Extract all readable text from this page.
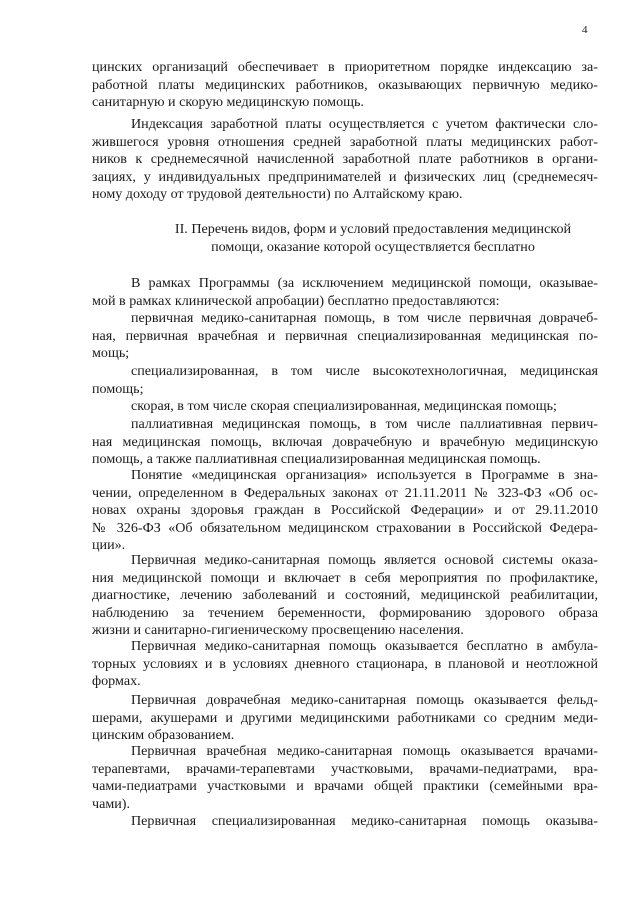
4

цинских организаций обеспечивает в приоритетном порядке индексацию за-
работной платы медицинских работников, оказывающих первичную медико-
санитарную и скорую медицинскую помощь.

Индексация заработной платы осуществляется с учетом фактически сло-
жившегося уровня отношения средней заработной платы медицинских работ-
ников к среднемесячной начисленной заработной плате работников в органи-
зациях, у индивидуальных предпринимателей и физических лиц (среднемесяч-
ному доходу от трудовой деятельности) по Алтайскому краю.

II. Перечень видов, форм и условий предоставления медицинской
помощи, оказание которой осуществляется бесплатно

В рамках Программы (за исключением медицинской помощи, оказывае-
мой в рамках клинической апробации) бесплатно предоставляются:

первичная медико-санитарная помощь, в том числе первичная доврачеб-
ная, первичная врачебная и первичная специализированная медицинская по-
мощь;

специализированная, в том числе высокотехнологичная, медицинская
помощь;

скорая, в том числе скорая специализированная, медицинская помощь;

паллиативная медицинская помощь, в том числе паллиативная первич-
ная медицинская помощь, включая доврачебную и врачебную медицинскую
помощь, а также паллиативная специализированная медицинская помощь.

Понятие «медицинская организация» используется в Программе в зна-
чении, определенном в Федеральных законах от 21.11.2011 № 323-ФЗ «Об ос-
новах охраны здоровья граждан в Российской Федерации» и от 29.11.2010
№ 326-ФЗ «Об обязательном медицинском страховании в Российской Федера-
ции».

Первичная медико-санитарная помощь является основой системы оказа-
ния медицинской помощи и включает в себя мероприятия по профилактике,
диагностике, лечению заболеваний и состояний, медицинской реабилитации,
наблюдению за течением беременности, формированию здорового образа
жизни и санитарно-гигиеническому просвещению населения.

Первичная медико-санитарная помощь оказывается бесплатно в амбула-
торных условиях и в условиях дневного стационара, в плановой и неотложной
формах.

Первичная доврачебная медико-санитарная помощь оказывается фельд-
шерами, акушерами и другими медицинскими работниками со средним меди-
цинским образованием.

Первичная врачебная медико-санитарная помощь оказывается врачами-
терапевтами, врачами-терапевтами участковыми, врачами-педиатрами, вра-
чами-педиатрами участковыми и врачами общей практики (семейными вра-
чами).

Первичная специализированная медико-санитарная помощь оказыва-
